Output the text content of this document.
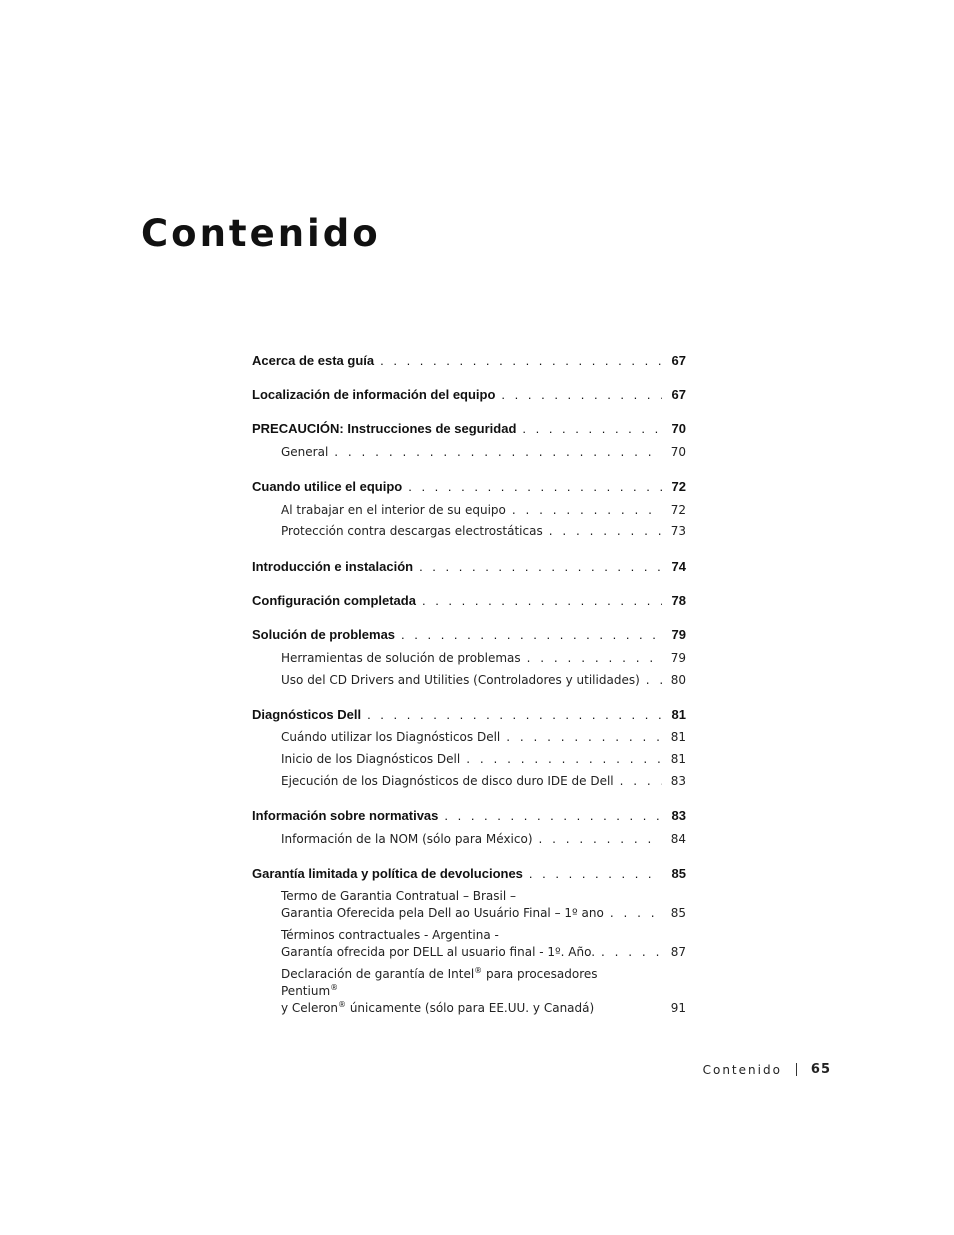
Contenido
Acerca de esta guía . . .	67
Localización de información del equipo . . .	67
PRECAUCIÓN: Instrucciones de seguridad . . .	70
General . . .	70
Cuando utilice el equipo . . .	72
Al trabajar en el interior de su equipo . . .	72
Protección contra descargas electrostáticas . . .	73
Introducción e instalación . . .	74
Configuración completada . . .	78
Solución de problemas . . .	79
Herramientas de solución de problemas . . .	79
Uso del CD Drivers and Utilities (Controladores y utilidades) . . .	80
Diagnósticos Dell . . .	81
Cuándo utilizar los Diagnósticos Dell . . .	81
Inicio de los Diagnósticos Dell . . .	81
Ejecución de los Diagnósticos de disco duro IDE de Dell . . .	83
Información sobre normativas . . .	83
Información de la NOM (sólo para México) . . .	84
Garantía limitada y política de devoluciones . . .	85
Termo de Garantia Contratual – Brasil –
Garantia Oferecida pela Dell ao Usuário Final – 1º ano . . .	85
Términos contractuales - Argentina -
Garantía ofrecida por DELL al usuario final - 1º. Año. . . .	87
Declaración de garantía de Intel® para procesadores Pentium®
y Celeron® únicamente (sólo para EE.UU. y Canadá)	91
Contenido 65
